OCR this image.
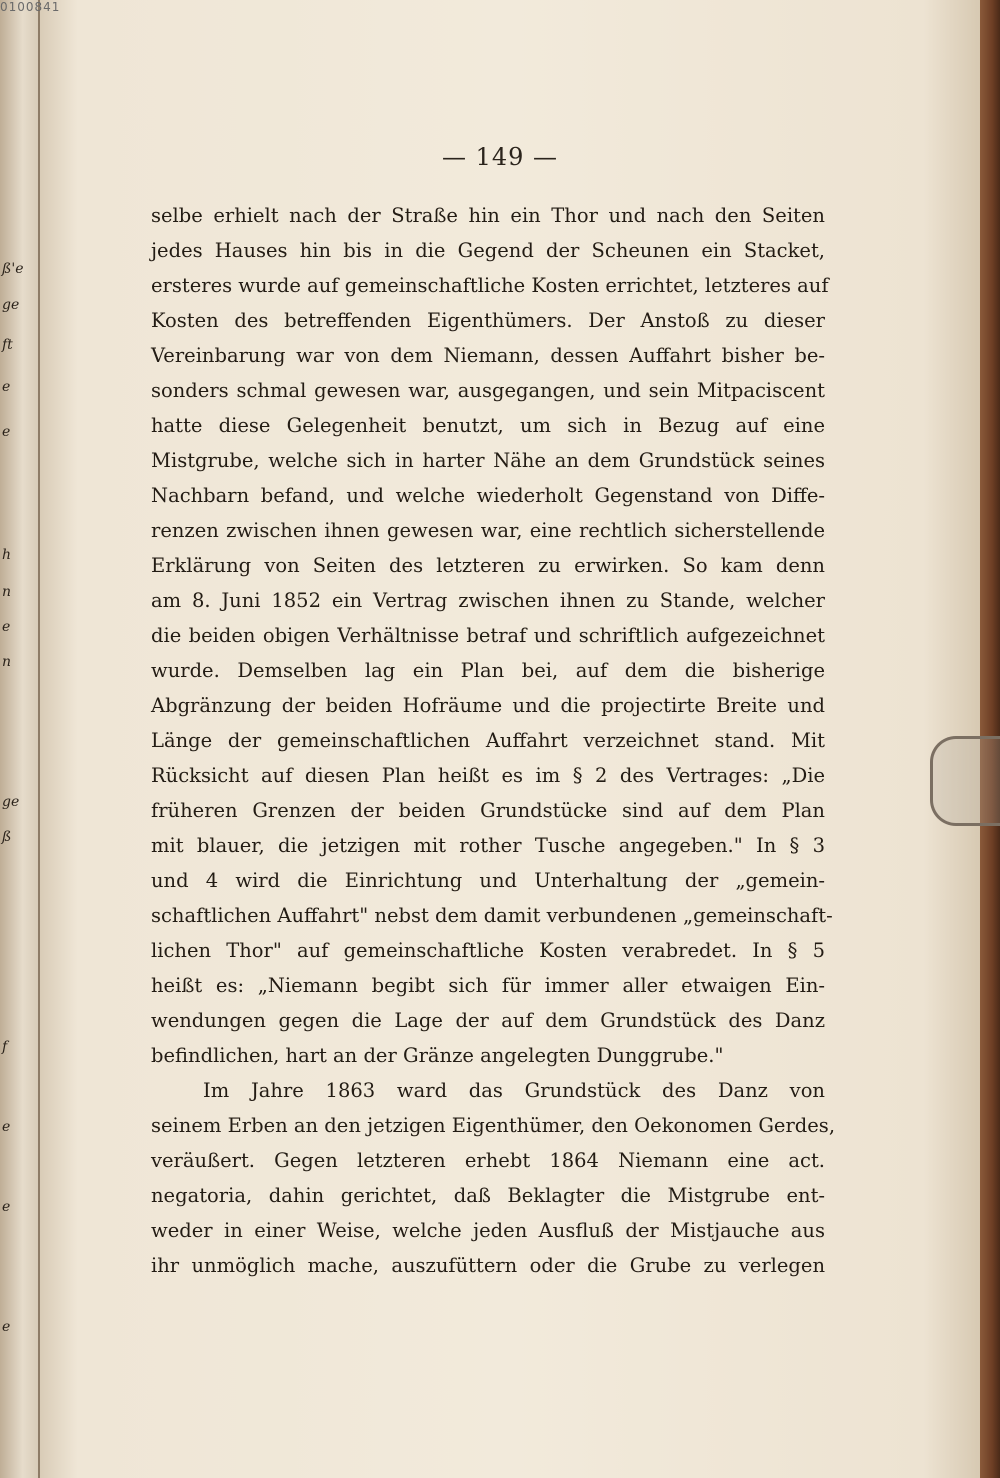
ß'e
ge
ft
e
e
h
n
e
n
ge
ß
f
e
e
e
0100841
— 149 —
selbe erhielt nach der Straße hin ein Thor und nach den Seiten
jedes Hauses hin bis in die Gegend der Scheunen ein Stacket,
ersteres wurde auf gemeinschaftliche Kosten errichtet, letzteres auf
Kosten des betreffenden Eigenthümers. Der Anstoß zu dieser
Vereinbarung war von dem Niemann, dessen Auffahrt bisher be-
sonders schmal gewesen war, ausgegangen, und sein Mitpaciscent
hatte diese Gelegenheit benutzt, um sich in Bezug auf eine
Mistgrube, welche sich in harter Nähe an dem Grundstück seines
Nachbarn befand, und welche wiederholt Gegenstand von Diffe-
renzen zwischen ihnen gewesen war, eine rechtlich sicherstellende
Erklärung von Seiten des letzteren zu erwirken. So kam denn
am 8. Juni 1852 ein Vertrag zwischen ihnen zu Stande, welcher
die beiden obigen Verhältnisse betraf und schriftlich aufgezeichnet
wurde. Demselben lag ein Plan bei, auf dem die bisherige
Abgränzung der beiden Hofräume und die projectirte Breite und
Länge der gemeinschaftlichen Auffahrt verzeichnet stand. Mit
Rücksicht auf diesen Plan heißt es im § 2 des Vertrages: „Die
früheren Grenzen der beiden Grundstücke sind auf dem Plan
mit blauer, die jetzigen mit rother Tusche angegeben." In § 3
und 4 wird die Einrichtung und Unterhaltung der „gemein-
schaftlichen Auffahrt" nebst dem damit verbundenen „gemeinschaft-
lichen Thor" auf gemeinschaftliche Kosten verabredet. In § 5
heißt es: „Niemann begibt sich für immer aller etwaigen Ein-
wendungen gegen die Lage der auf dem Grundstück des Danz
befindlichen, hart an der Gränze angelegten Dunggrube."
Im Jahre 1863 ward das Grundstück des Danz von
seinem Erben an den jetzigen Eigenthümer, den Oekonomen Gerdes,
veräußert. Gegen letzteren erhebt 1864 Niemann eine act.
negatoria, dahin gerichtet, daß Beklagter die Mistgrube ent-
weder in einer Weise, welche jeden Ausfluß der Mistjauche aus
ihr unmöglich mache, auszufüttern oder die Grube zu verlegen
